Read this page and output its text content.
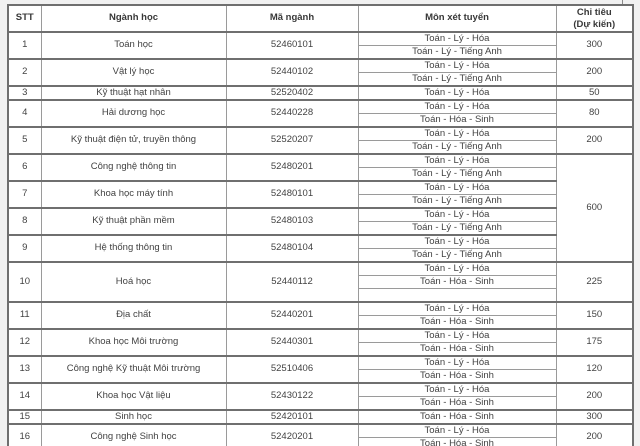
STT	Ngành học	Mã ngành	Môn xét tuyển	Chỉ tiêu
(Dự kiến)

1	Toán học	52460101	Toán - Lý - Hóa	300
			Toán - Lý - Tiếng Anh	
2	Vật lý học	52440102	Toán - Lý - Hóa	200
			Toán - Lý - Tiếng Anh	
3	Kỹ thuật hạt nhân	52520402	Toán - Lý - Hóa	50
4	Hải dương học	52440228	Toán - Lý - Hóa	80
			Toán - Hóa - Sinh	
5	Kỹ thuật điện tử, truyền thông	52520207	Toán - Lý - Hóa	200
			Toán - Lý - Tiếng Anh	
6	Công nghệ thông tin	52480201	Toán - Lý - Hóa	600
			Toán - Lý - Tiếng Anh	
7	Khoa học máy tính	52480101	Toán - Lý - Hóa	
			Toán - Lý - Tiếng Anh	
8	Kỹ thuật phần mềm	52480103	Toán - Lý - Hóa	
			Toán - Lý - Tiếng Anh	
9	Hệ thống thông tin	52480104	Toán - Lý - Hóa	
			Toán - Lý - Tiếng Anh	
10	Hoá học	52440112	Toán - Lý - Hóa	225
			Toán - Hóa - Sinh	

11	Địa chất	52440201	Toán - Lý - Hóa	150
			Toán - Hóa - Sinh	
12	Khoa học Môi trường	52440301	Toán - Lý - Hóa	175
			Toán - Hóa - Sinh	
13	Công nghệ Kỹ thuật Môi trường	52510406	Toán - Lý - Hóa	120
			Toán - Hóa - Sinh	
14	Khoa học Vật liệu	52430122	Toán - Lý - Hóa	200
			Toán - Hóa - Sinh	
15	Sinh học	52420101	Toán - Hóa - Sinh	300
16	Công nghệ Sinh học	52420201	Toán - Lý - Hóa	200
			Toán - Hóa - Sinh	
